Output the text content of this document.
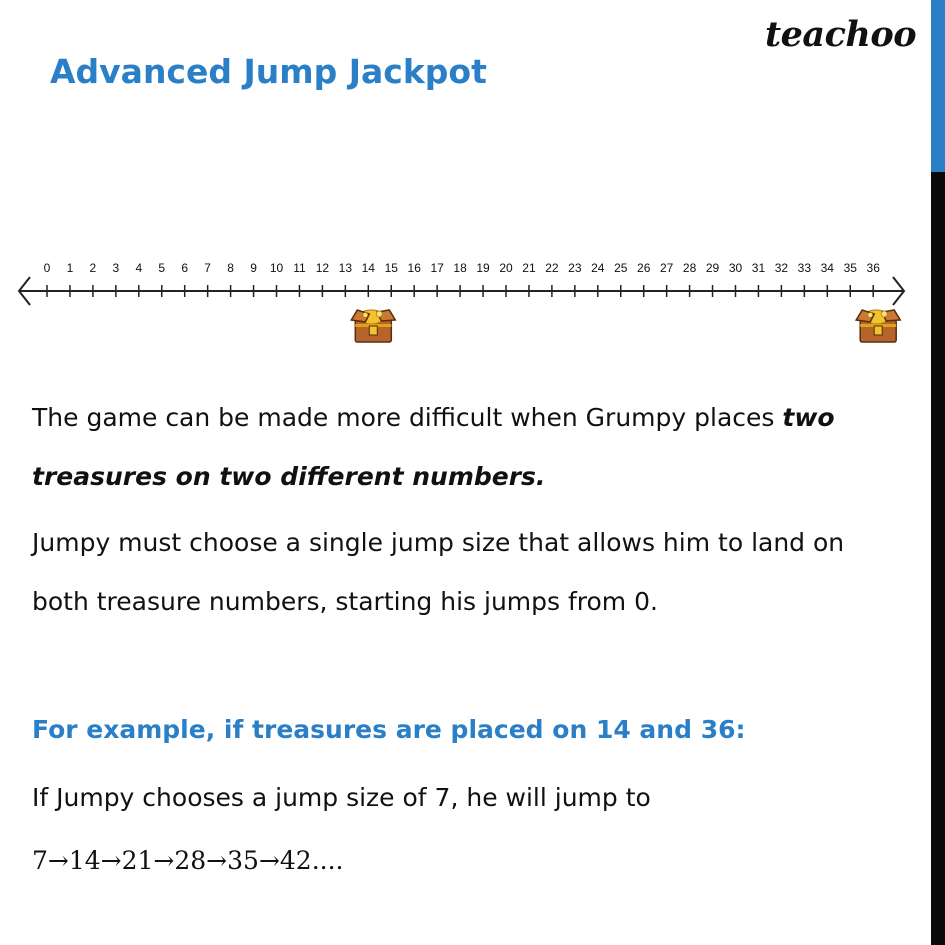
teachoo
Advanced Jump Jackpot
0 1 2 3 4 5 6 7 8 9 10 11 12 13 14 15 16 17 18 19 20 21 22 23 24 25 26 27 28 29 30 31 32 33 34 35 36
The game can be made more difficult when Grumpy places two
treasures on two different numbers.
Jumpy must choose a single jump size that allows him to land on
both treasure numbers, starting his jumps from 0.
For example, if treasures are placed on 14 and 36:
If Jumpy chooses a jump size of 7, he will jump to
7→14→21→28→35→42....
